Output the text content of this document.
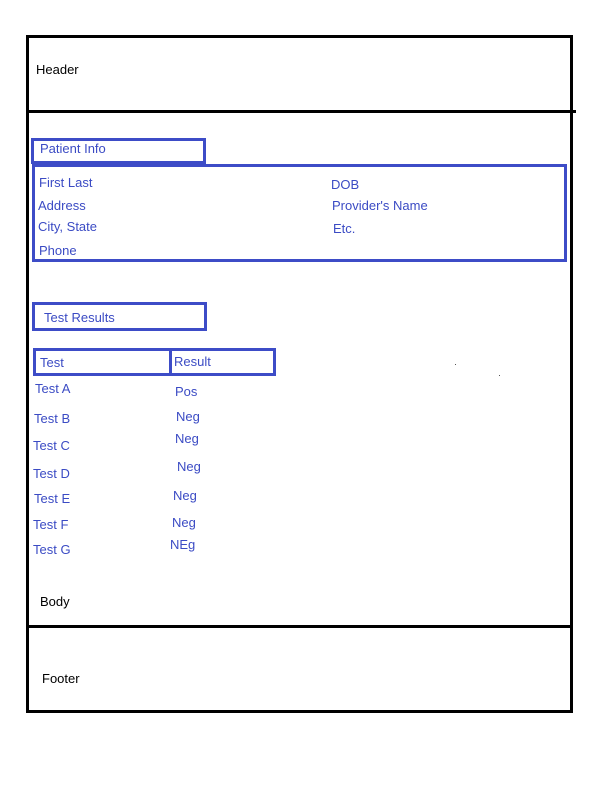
Header
Patient Info
First Last
Address
City, State
Phone
DOB
Provider's Name
Etc.
Test Results
Test	Result
Test A
Test B
Test C
Test D
Test E
Test F
Test G
Pos
Neg
Neg
Neg
Neg
Neg
NEg
Body
Footer
